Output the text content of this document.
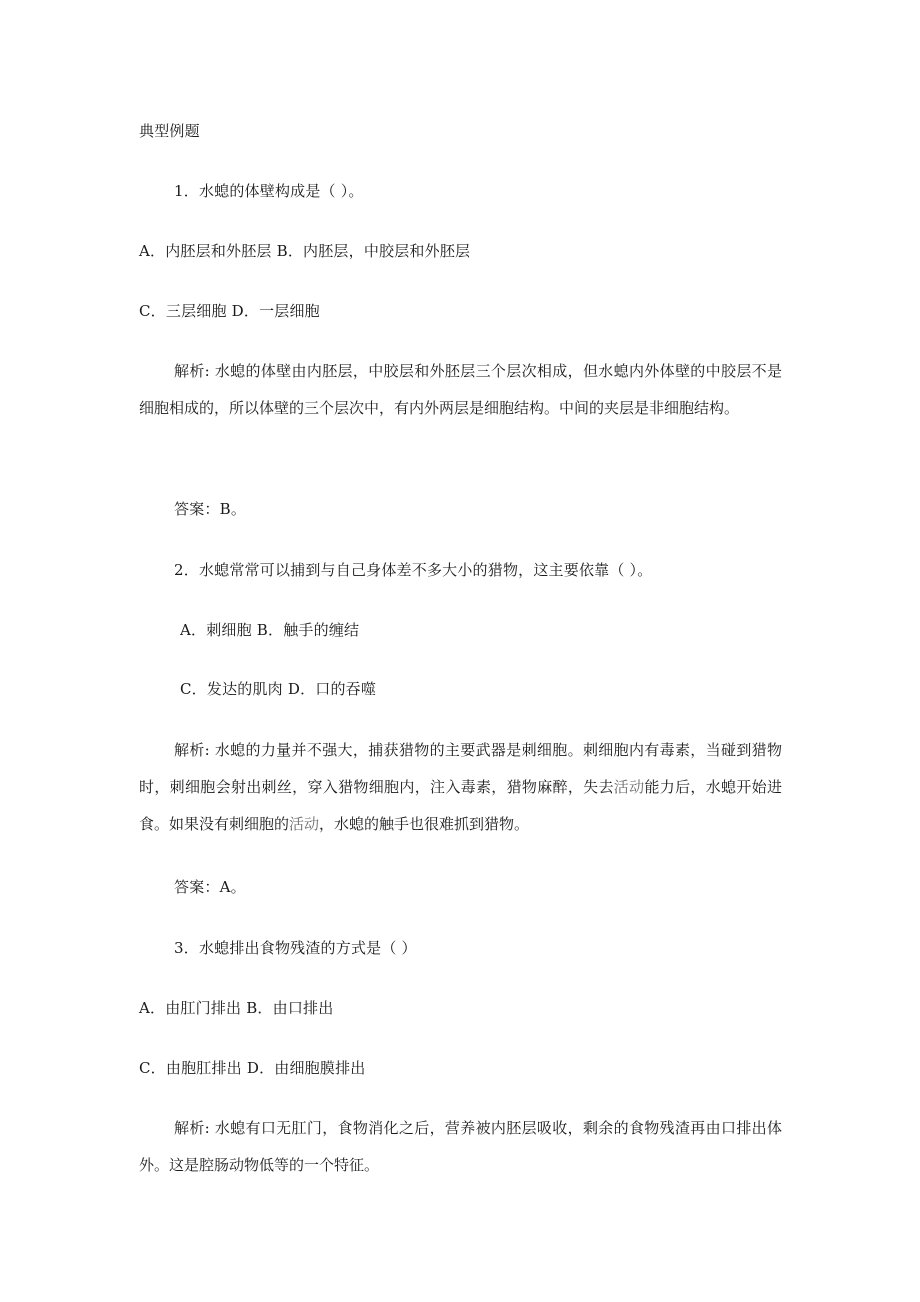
典型例题
1．水螅的体壁构成是（ ）。
A．内胚层和外胚层 B．内胚层，中胶层和外胚层
C．三层细胞 D．一层细胞
解析: 水螅的体壁由内胚层，中胶层和外胚层三个层次相成，但水螅内外体壁的中胶层不是细胞相成的，所以体壁的三个层次中，有内外两层是细胞结构。中间的夹层是非细胞结构。
答案：B。
2．水螅常常可以捕到与自己身体差不多大小的猎物，这主要依靠（ ）。
A．刺细胞 B．触手的缠结
C．发达的肌肉 D．口的吞噬
解析: 水螅的力量并不强大，捕获猎物的主要武器是刺细胞。刺细胞内有毒素，当碰到猎物时，刺细胞会射出刺丝，穿入猎物细胞内，注入毒素，猎物麻醉，失去活动能力后，水螅开始进食。如果没有刺细胞的活动，水螅的触手也很难抓到猎物。
答案：A。
3．水螅排出食物残渣的方式是（ ）
A．由肛门排出 B．由口排出
C．由胞肛排出 D．由细胞膜排出
解析: 水螅有口无肛门，食物消化之后，营养被内胚层吸收，剩余的食物残渣再由口排出体外。这是腔肠动物低等的一个特征。
